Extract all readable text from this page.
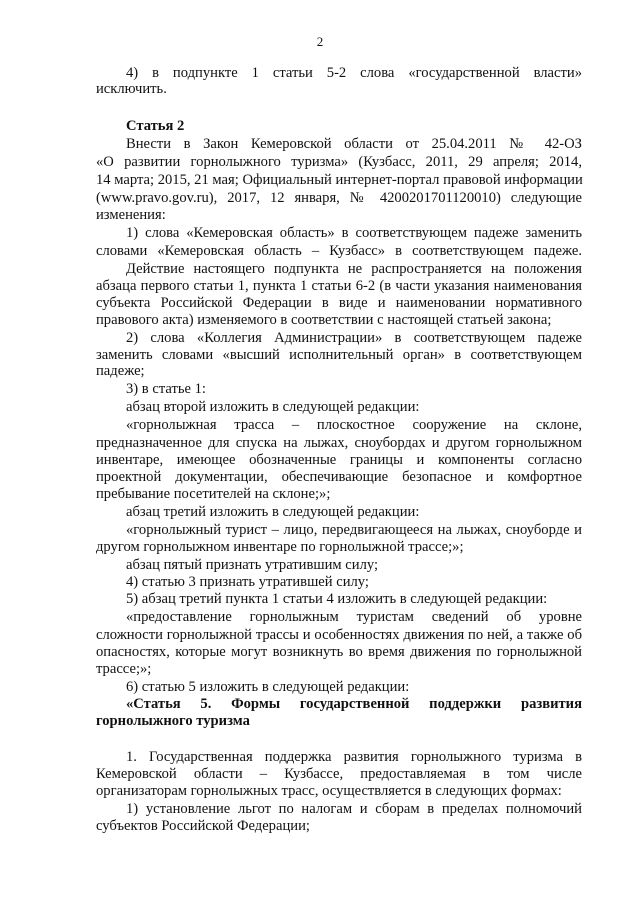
2
4) в подпункте 1 статьи 5-2 слова «государственной власти»
исключить.
Статья 2
Внести в Закон Кемеровской области от 25.04.2011 № 42-ОЗ
«О развитии горнолыжного туризма» (Кузбасс, 2011, 29 апреля; 2014,
14 марта; 2015, 21 мая; Официальный интернет-портал правовой информации
(www.pravo.gov.ru), 2017, 12 января, № 4200201701120010) следующие
изменения:
1) слова «Кемеровская область» в соответствующем падеже заменить
словами «Кемеровская область – Кузбасс» в соответствующем падеже.
Действие настоящего подпункта не распространяется на положения
абзаца первого статьи 1, пункта 1 статьи 6-2 (в части указания наименования
субъекта Российской Федерации в виде и наименовании нормативного
правового акта) изменяемого в соответствии с настоящей статьей закона;
2) слова «Коллегия Администрации» в соответствующем падеже
заменить словами «высший исполнительный орган» в соответствующем
падеже;
3) в статье 1:
абзац второй изложить в следующей редакции:
«горнолыжная трасса – плоскостное сооружение на склоне,
предназначенное для спуска на лыжах, сноубордах и другом горнолыжном
инвентаре, имеющее обозначенные границы и компоненты согласно
проектной документации, обеспечивающие безопасное и комфортное
пребывание посетителей на склоне;»;
абзац третий изложить в следующей редакции:
«горнолыжный турист – лицо, передвигающееся на лыжах, сноуборде и
другом горнолыжном инвентаре по горнолыжной трассе;»;
абзац пятый признать утратившим силу;
4) статью 3 признать утратившей силу;
5) абзац третий пункта 1 статьи 4 изложить в следующей редакции:
«предоставление горнолыжным туристам сведений об уровне
сложности горнолыжной трассы и особенностях движения по ней, а также об
опасностях, которые могут возникнуть во время движения по горнолыжной
трассе;»;
6) статью 5 изложить в следующей редакции:
«Статья 5. Формы государственной поддержки развития
горнолыжного туризма
1. Государственная поддержка развития горнолыжного туризма в
Кемеровской области – Кузбассе, предоставляемая в том числе
организаторам горнолыжных трасс, осуществляется в следующих формах:
1) установление льгот по налогам и сборам в пределах полномочий
субъектов Российской Федерации;
